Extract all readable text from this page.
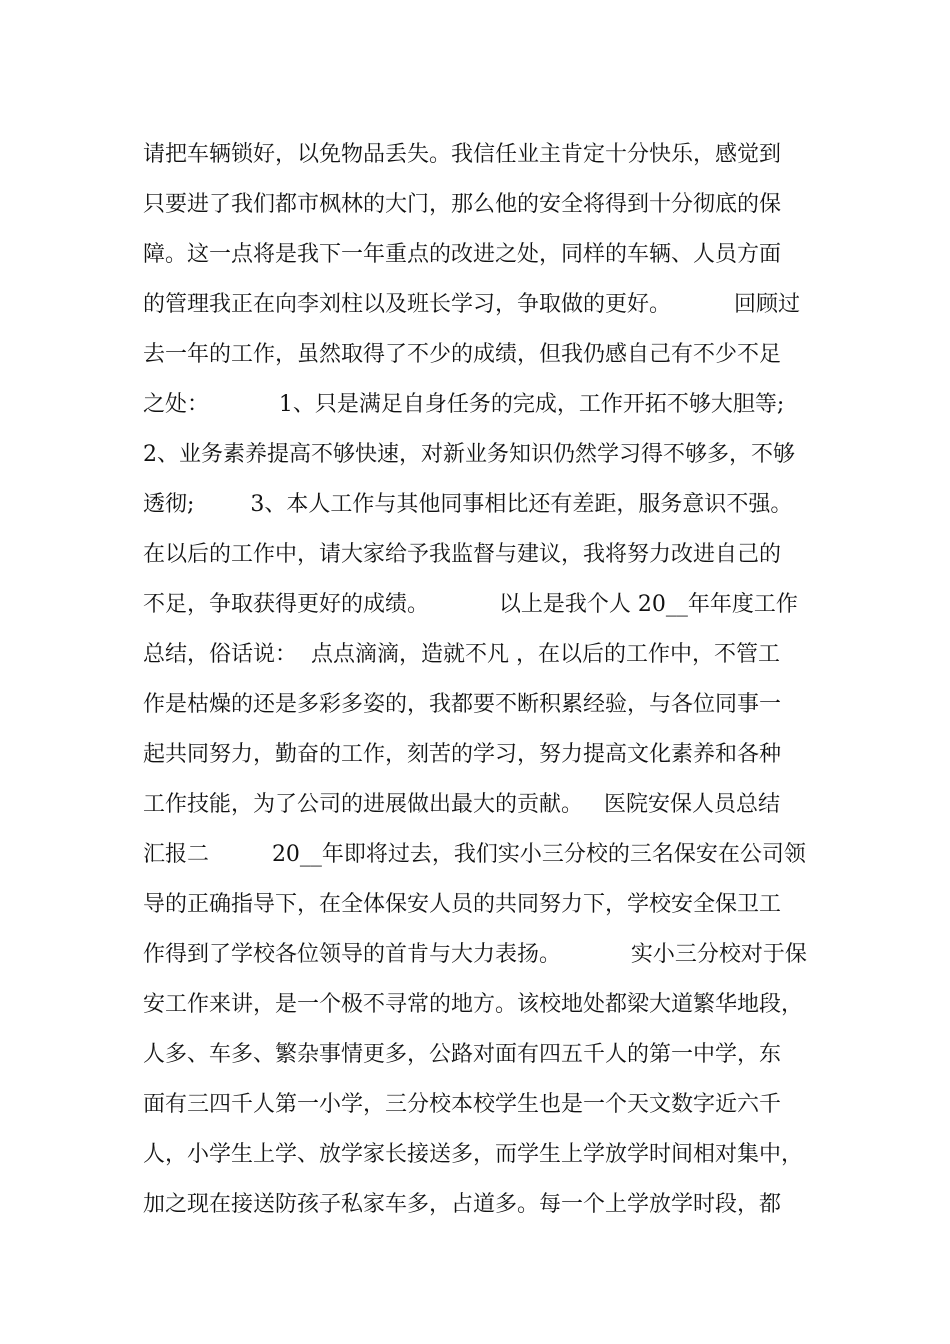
请把车辆锁好，以免物品丢失。我信任业主肯定十分快乐，感觉到
只要进了我们都市枫林的大门，那么他的安全将得到十分彻底的保
障。这一点将是我下一年重点的改进之处，同样的车辆、人员方面
的管理我正在向李刘柱以及班长学习，争取做的更好。         回顾过
去一年的工作，虽然取得了不少的成绩，但我仍感自己有不少不足
之处：          1、只是满足自身任务的完成，工作开拓不够大胆等;
2、业务素养提高不够快速，对新业务知识仍然学习得不够多，不够
透彻;        3、本人工作与其他同事相比还有差距，服务意识不强。
在以后的工作中，请大家给予我监督与建议，我将努力改进自己的
不足，争取获得更好的成绩。          以上是我个人 20__年年度工作
总结，俗话说：  点点滴滴，造就不凡 ，在以后的工作中，不管工
作是枯燥的还是多彩多姿的，我都要不断积累经验，与各位同事一
起共同努力，勤奋的工作，刻苦的学习，努力提高文化素养和各种
工作技能，为了公司的进展做出最大的贡献。   医院安保人员总结
汇报二         20__年即将过去，我们实小三分校的三名保安在公司领
导的正确指导下，在全体保安人员的共同努力下，学校安全保卫工
作得到了学校各位领导的首肯与大力表扬。          实小三分校对于保
安工作来讲，是一个极不寻常的地方。该校地处都梁大道繁华地段，
人多、车多、繁杂事情更多，公路对面有四五千人的第一中学，东
面有三四千人第一小学，三分校本校学生也是一个天文数字近六千
人，小学生上学、放学家长接送多，而学生上学放学时间相对集中，
加之现在接送防孩子私家车多，占道多。每一个上学放学时段，都
